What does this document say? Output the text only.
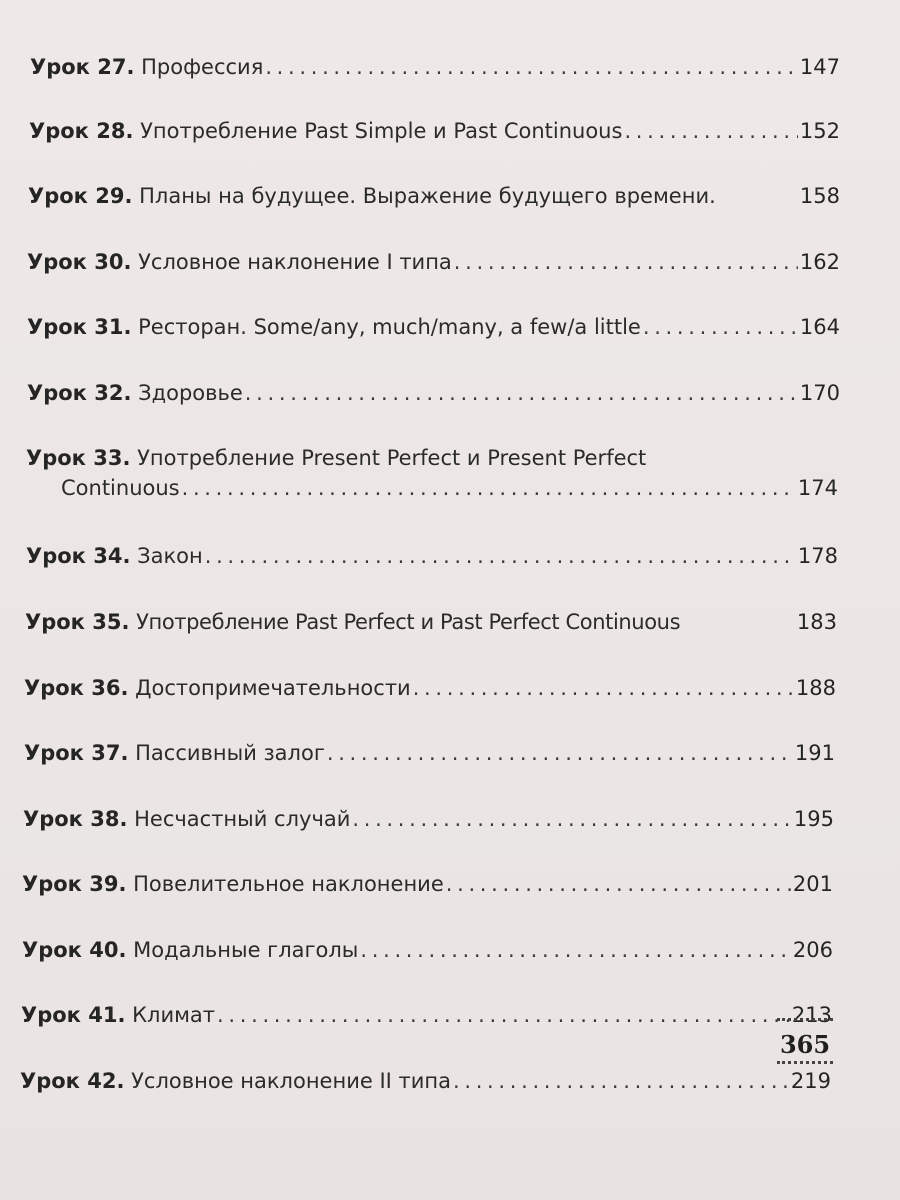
Урок 27.
Профессия . . .	147
Урок 28.
Употребление Past Simple и Past Continuous . . .	152
Урок 29.
Планы на будущее. Выражение будущего времени.	158
Урок 30.
Условное наклонение I типа . . .	162
Урок 31.
Ресторан. Some/any, much/many, a few/a little . . .	164
Урок 32.
Здоровье . . .	170
Урок 33.
Употребление Present Perfect и Present Perfect
Continuous . . .	174
Урок 34.
Закон . . .	178
Урок 35.
Употребление Past Perfect и Past Perfect Continuous	183
Урок 36.
Достопримечательности . . .	188
Урок 37.
Пассивный залог . . .	191
Урок 38.
Несчастный случай . . .	195
Урок 39.
Повелительное наклонение . . .	201
Урок 40.
Модальные глаголы . . .	206
Урок 41.
Климат . . .	213
Урок 42.
Условное наклонение II типа . . .	219
365
